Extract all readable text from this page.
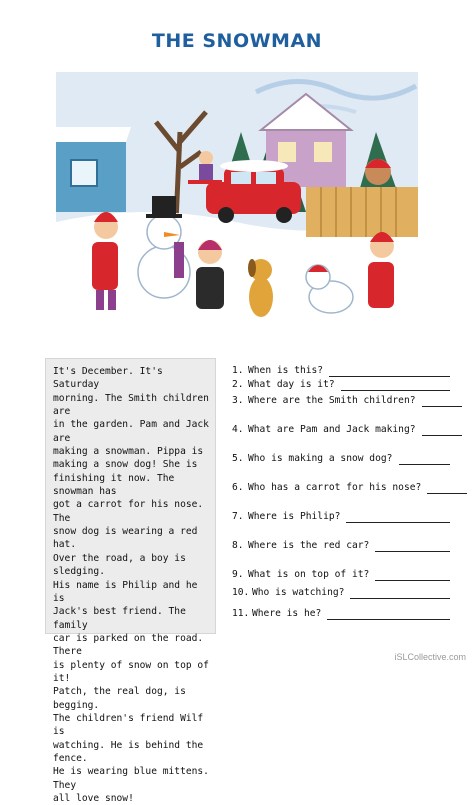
THE SNOWMAN

It's December. It's Saturday
morning. The Smith children are
in the garden. Pam and Jack are
making a snowman. Pippa is
making a snow dog! She is
finishing it now. The snowman has
got a carrot for his nose. The
snow dog is wearing a red hat.
Over the road, a boy is sledging.
His name is Philip and he is
Jack's best friend. The family
car is parked on the road. There
is plenty of snow on top of it!
Patch, the real dog, is begging.
The children's friend Wilf is
watching. He is behind the fence.
He is wearing blue mittens. They
all love snow!

1. When is this?
2. What day is it?
3. Where are the Smith children?
4. What are Pam and Jack making?
5. Who is making a snow dog?
6. Who has a carrot for his nose?
7. Where is Philip?
8. Where is the red car?
9. What is on top of it?
10. Who is watching?
11. Where is he?
iSLCollective.com
